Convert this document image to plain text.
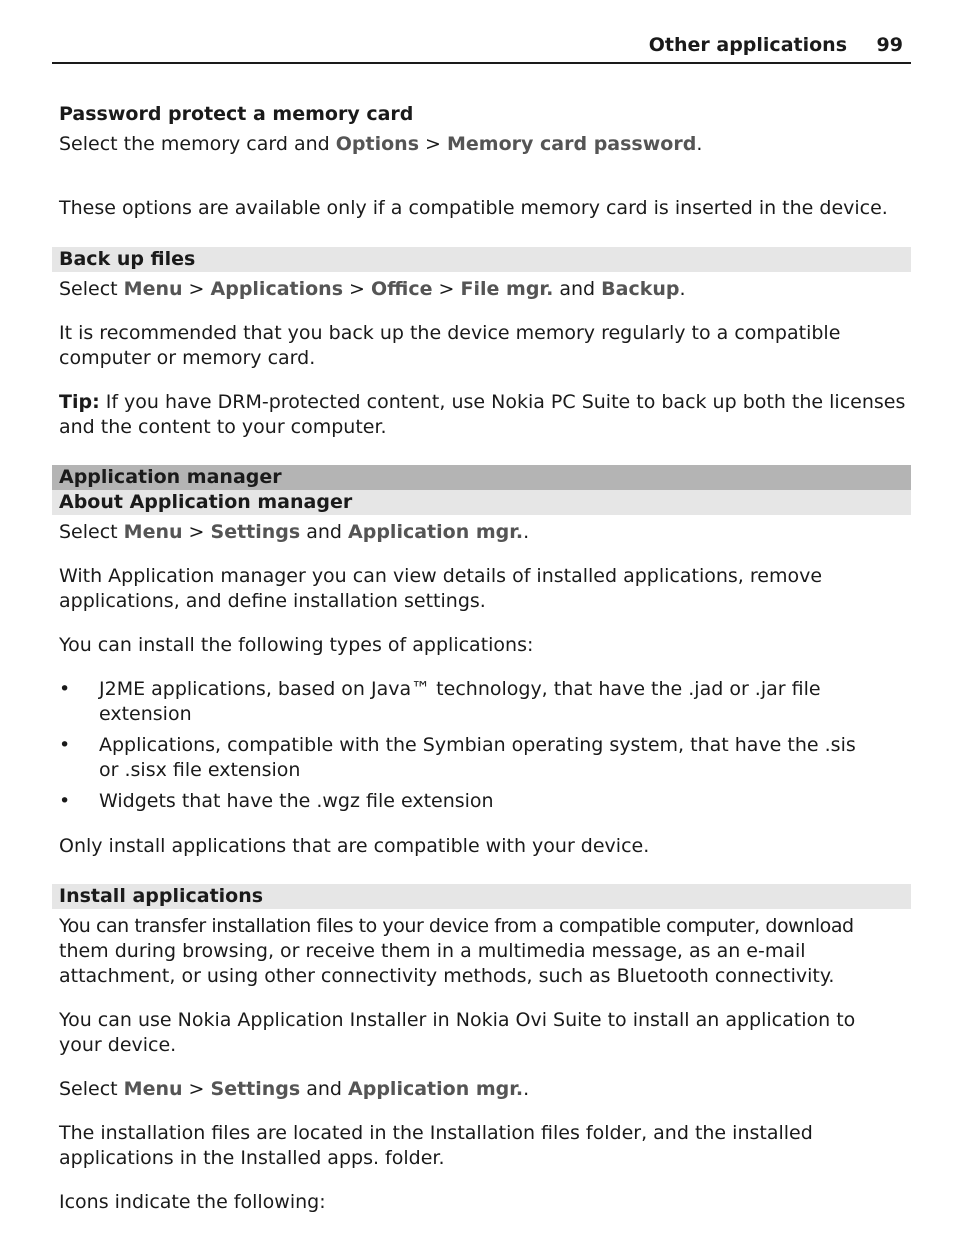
Other applications 99

Password protect a memory card

Select the memory card and Options > Memory card password.

These options are available only if a compatible memory card is inserted in the device.

Back up files

Select Menu > Applications > Office > File mgr. and Backup.

It is recommended that you back up the device memory regularly to a compatible

computer or memory card.

Tip: If you have DRM-protected content, use Nokia PC Suite to back up both the licenses

and the content to your computer.

Application manager
About Application manager

Select Menu > Settings and Application mgr..

With Application manager you can view details of installed applications, remove

applications, and define installation settings.

You can install the following types of applications:

• J2ME applications, based on Java™ technology, that have the .jad or .jar file
extension
• Applications, compatible with the Symbian operating system, that have the .sis
or .sisx file extension
• Widgets that have the .wgz file extension

Only install applications that are compatible with your device.

Install applications

You can transfer installation files to your device from a compatible computer, download

them during browsing, or receive them in a multimedia message, as an e-mail

attachment, or using other connectivity methods, such as Bluetooth connectivity.

You can use Nokia Application Installer in Nokia Ovi Suite to install an application to

your device.

Select Menu > Settings and Application mgr..

The installation files are located in the Installation files folder, and the installed

applications in the Installed apps. folder.

Icons indicate the following:
